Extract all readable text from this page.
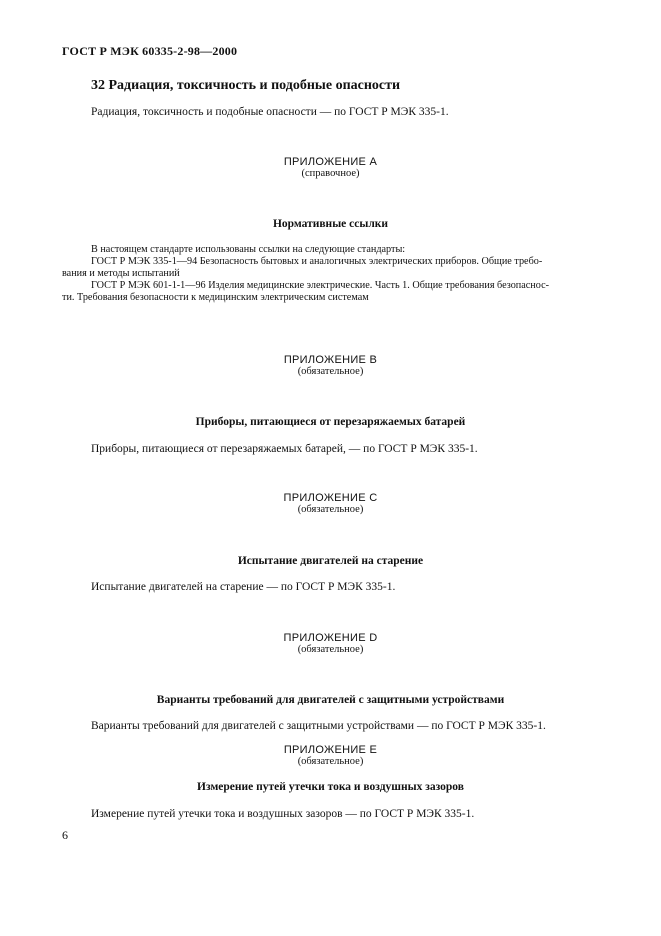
ГОСТ Р МЭК 60335-2-98—2000
32 Радиация, токсичность и подобные опасности
Радиация, токсичность и подобные опасности — по ГОСТ Р МЭК 335-1.
ПРИЛОЖЕНИЕ А
(справочное)
Нормативные ссылки
В настоящем стандарте использованы ссылки на следующие стандарты:
ГОСТ Р МЭК 335-1—94 Безопасность бытовых и аналогичных электрических приборов. Общие требо-
вания и методы испытаний
ГОСТ Р МЭК 601-1-1—96 Изделия медицинские электрические. Часть 1. Общие требования безопаснос-
ти. Требования безопасности к медицинским электрическим системам
ПРИЛОЖЕНИЕ В
(обязательное)
Приборы, питающиеся от перезаряжаемых батарей
Приборы, питающиеся от перезаряжаемых батарей, — по ГОСТ Р МЭК 335-1.
ПРИЛОЖЕНИЕ С
(обязательное)
Испытание двигателей на старение
Испытание двигателей на старение — по ГОСТ Р МЭК 335-1.
ПРИЛОЖЕНИЕ D
(обязательное)
Варианты требований для двигателей с защитными устройствами
Варианты требований для двигателей с защитными устройствами — по ГОСТ Р МЭК 335-1.
ПРИЛОЖЕНИЕ Е
(обязательное)
Измерение путей утечки тока и воздушных зазоров
Измерение путей утечки тока и воздушных зазоров — по ГОСТ Р МЭК 335-1.
6
